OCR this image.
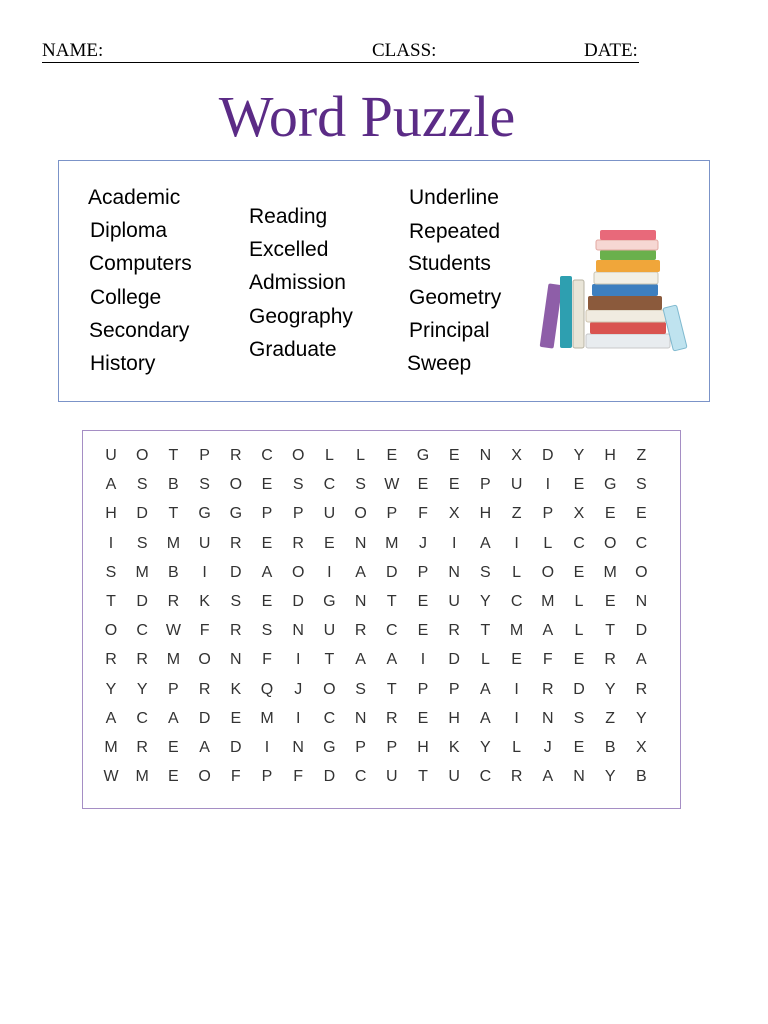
NAME:	CLASS:	DATE:
Word Puzzle
Academic
Diploma
Computers
College
Secondary
History
Reading
Excelled
Admission
Geography
Graduate
Underline
Repeated
Students
Geometry
Principal
Sweep
U	O	T	P	R	C	O	L	L	E	G	E	N	X	D	Y	H	Z
A	S	B	S	O	E	S	C	S	W	E	E	P	U	I	E	G	S
H	D	T	G	G	P	P	U	O	P	F	X	H	Z	P	X	E	E
I	S	M	U	R	E	R	E	N	M	J	I	A	I	L	C	O	C
S	M	B	I	D	A	O	I	A	D	P	N	S	L	O	E	M	O
T	D	R	K	S	E	D	G	N	T	E	U	Y	C	M	L	E	N
O	C	W	F	R	S	N	U	R	C	E	R	T	M	A	L	T	D
R	R	M	O	N	F	I	T	A	A	I	D	L	E	F	E	R	A
Y	Y	P	R	K	Q	J	O	S	T	P	P	A	I	R	D	Y	R
A	C	A	D	E	M	I	C	N	R	E	H	A	I	N	S	Z	Y
M	R	E	A	D	I	N	G	P	P	H	K	Y	L	J	E	B	X
W	M	E	O	F	P	F	D	C	U	T	U	C	R	A	N	Y	B
